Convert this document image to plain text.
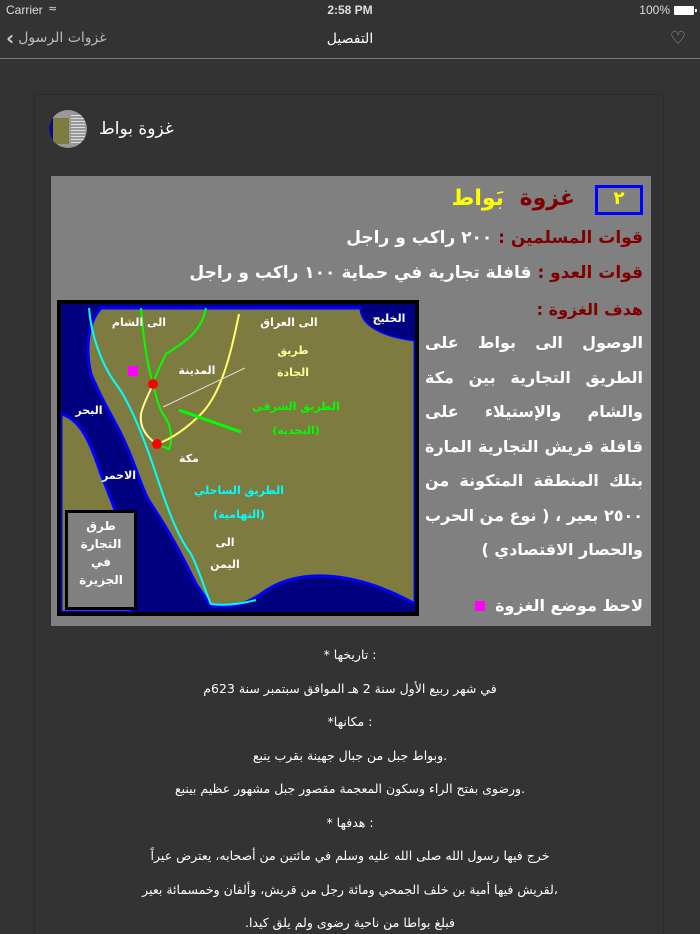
Carrier ≈	2:58 PM	100%
‹ غزوات الرسول	التفصيل	♡
غزوة بواط
٢
غزوة بَواط
قوات المسلمين : ٢٠٠ راكب و راجل
قوات العدو : قافلة تجارية في حماية ١٠٠ راكب و راجل
هدف الغزوة :
الوصول الى بواط على الطريق التجارية بين مكة والشام والإستيلاء على قافلة قريش التجارية المارة بتلك المنطقة المتكونة من ٢٥٠٠ بعير ، ( نوع من الحرب والحصار الاقتصادي )
لاحظ موضع الغزوة
الى الشام	الى العراق	الخليج
طريق
الجادة
المدينة
الطريق الشرقي
(النجدية)
البحر
الاحمر
مكة
الطريق الساحلي
(التهامية)
الى
اليمن
طرق
التجارة
في
الجزيرة

: تاريخها *

في شهر ربيع الأول سنة 2 هـ الموافق سبتمبر سنة 623م

: مكانها*

.وبواط جبل من جبال جهينة بقرب ينبع

.ورضوى بفتح الراء وسكون المعجمة مقصور جبل مشهور عظيم بينبع

: هدفها *

خرج فيها رسول الله صلى الله عليه وسلم في مائتين من أصحابه، يعترض عيراً

،لقريش فيها أمية بن خلف الجمحي ومائة رجل من قريش، وألفان وخمسمائة بعير

فبلغ بواطا من ناحية رضوى ولم يلق كيدا.
